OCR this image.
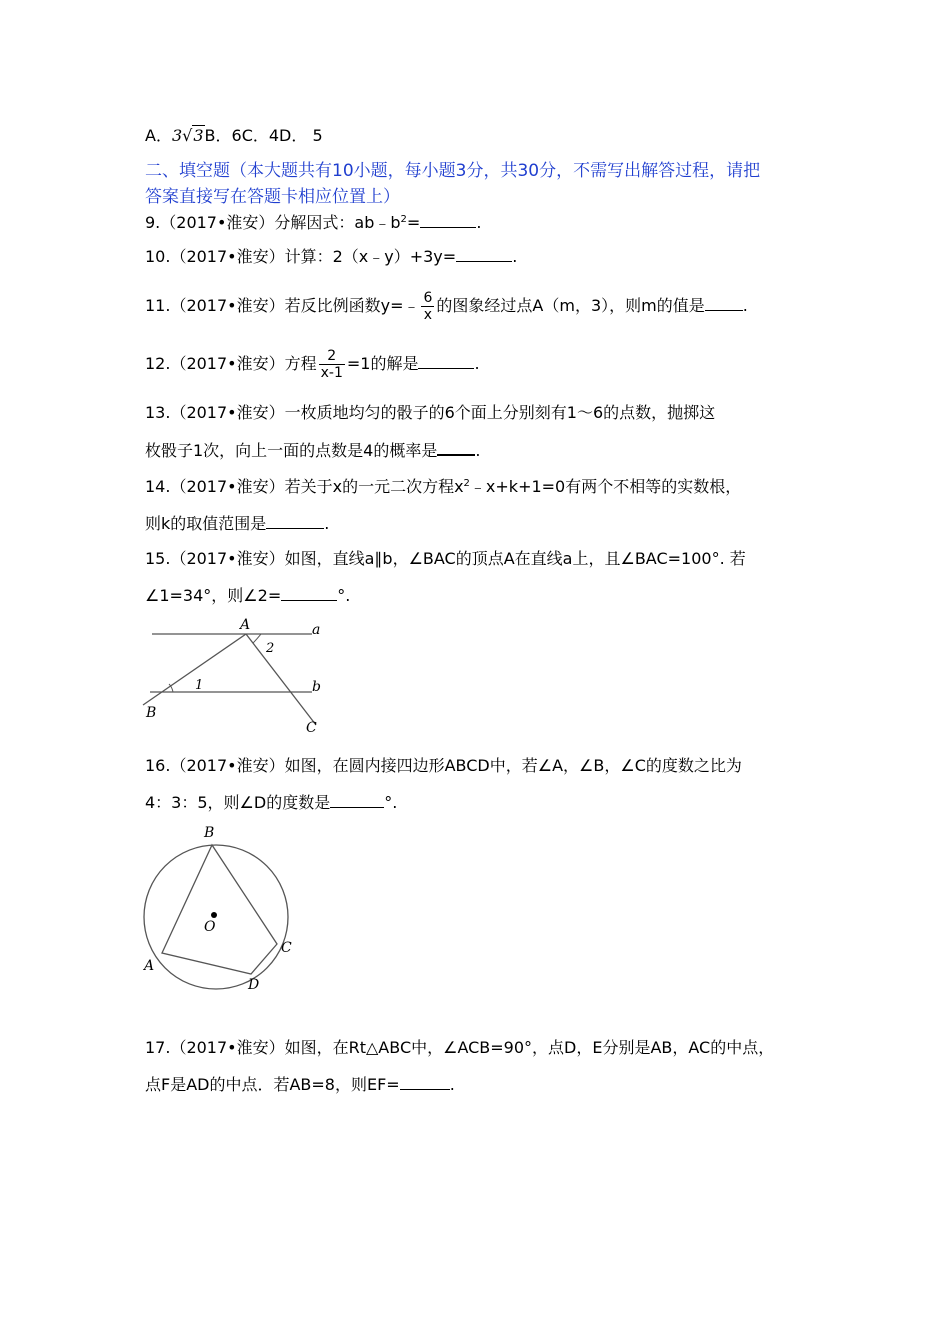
A．3√3B．6C．4D． 5
二、填空题（本大题共有10小题，每小题3分，共30分，不需写出解答过程，请把
答案直接写在答题卡相应位置上）
9.（2017•淮安）分解因式：$ab﹣b^2=$	.
10.（2017•淮安）计算：2（x﹣y）+3y=	.
11.（2017•淮安）若反比例函数y=﹣ $\frac{6}{x}$ 的图象经过点A（m，3），则m的值是 .
12.（2017•淮安）方程 $\frac{2}{x-1} =1$的解是	.
13.（2017•淮安）一枚质地均匀的骰子的6个面上分别刻有1〜6的点数，抛掷这
枚骰子1次，向上一面的点数是4的概率是 .
14.（2017•淮安）若关于x的一元二次方程$x^2﹣x+k+1=0$有两个不相等的实数根，
则k的取值范围是	.
15.（2017•淮安）如图，直线a∥b，∠BAC的顶点A在直线a上，且∠BAC=100°. 若
∠1=34°，则∠2=	°.
A	a
2
1	b
B
C
16.（2017•淮安）如图，在圆内接四边形ABCD中，若∠A，∠B，∠C的度数之比为
4：3：5，则∠D的度数是	°.
B
O
C
A
D
17.（2017•淮安）如图，在Rt△ABC中，∠ACB=90°，点D，E分别是AB，AC的中点，
点F是AD的中点．若AB=8，则EF=	.
